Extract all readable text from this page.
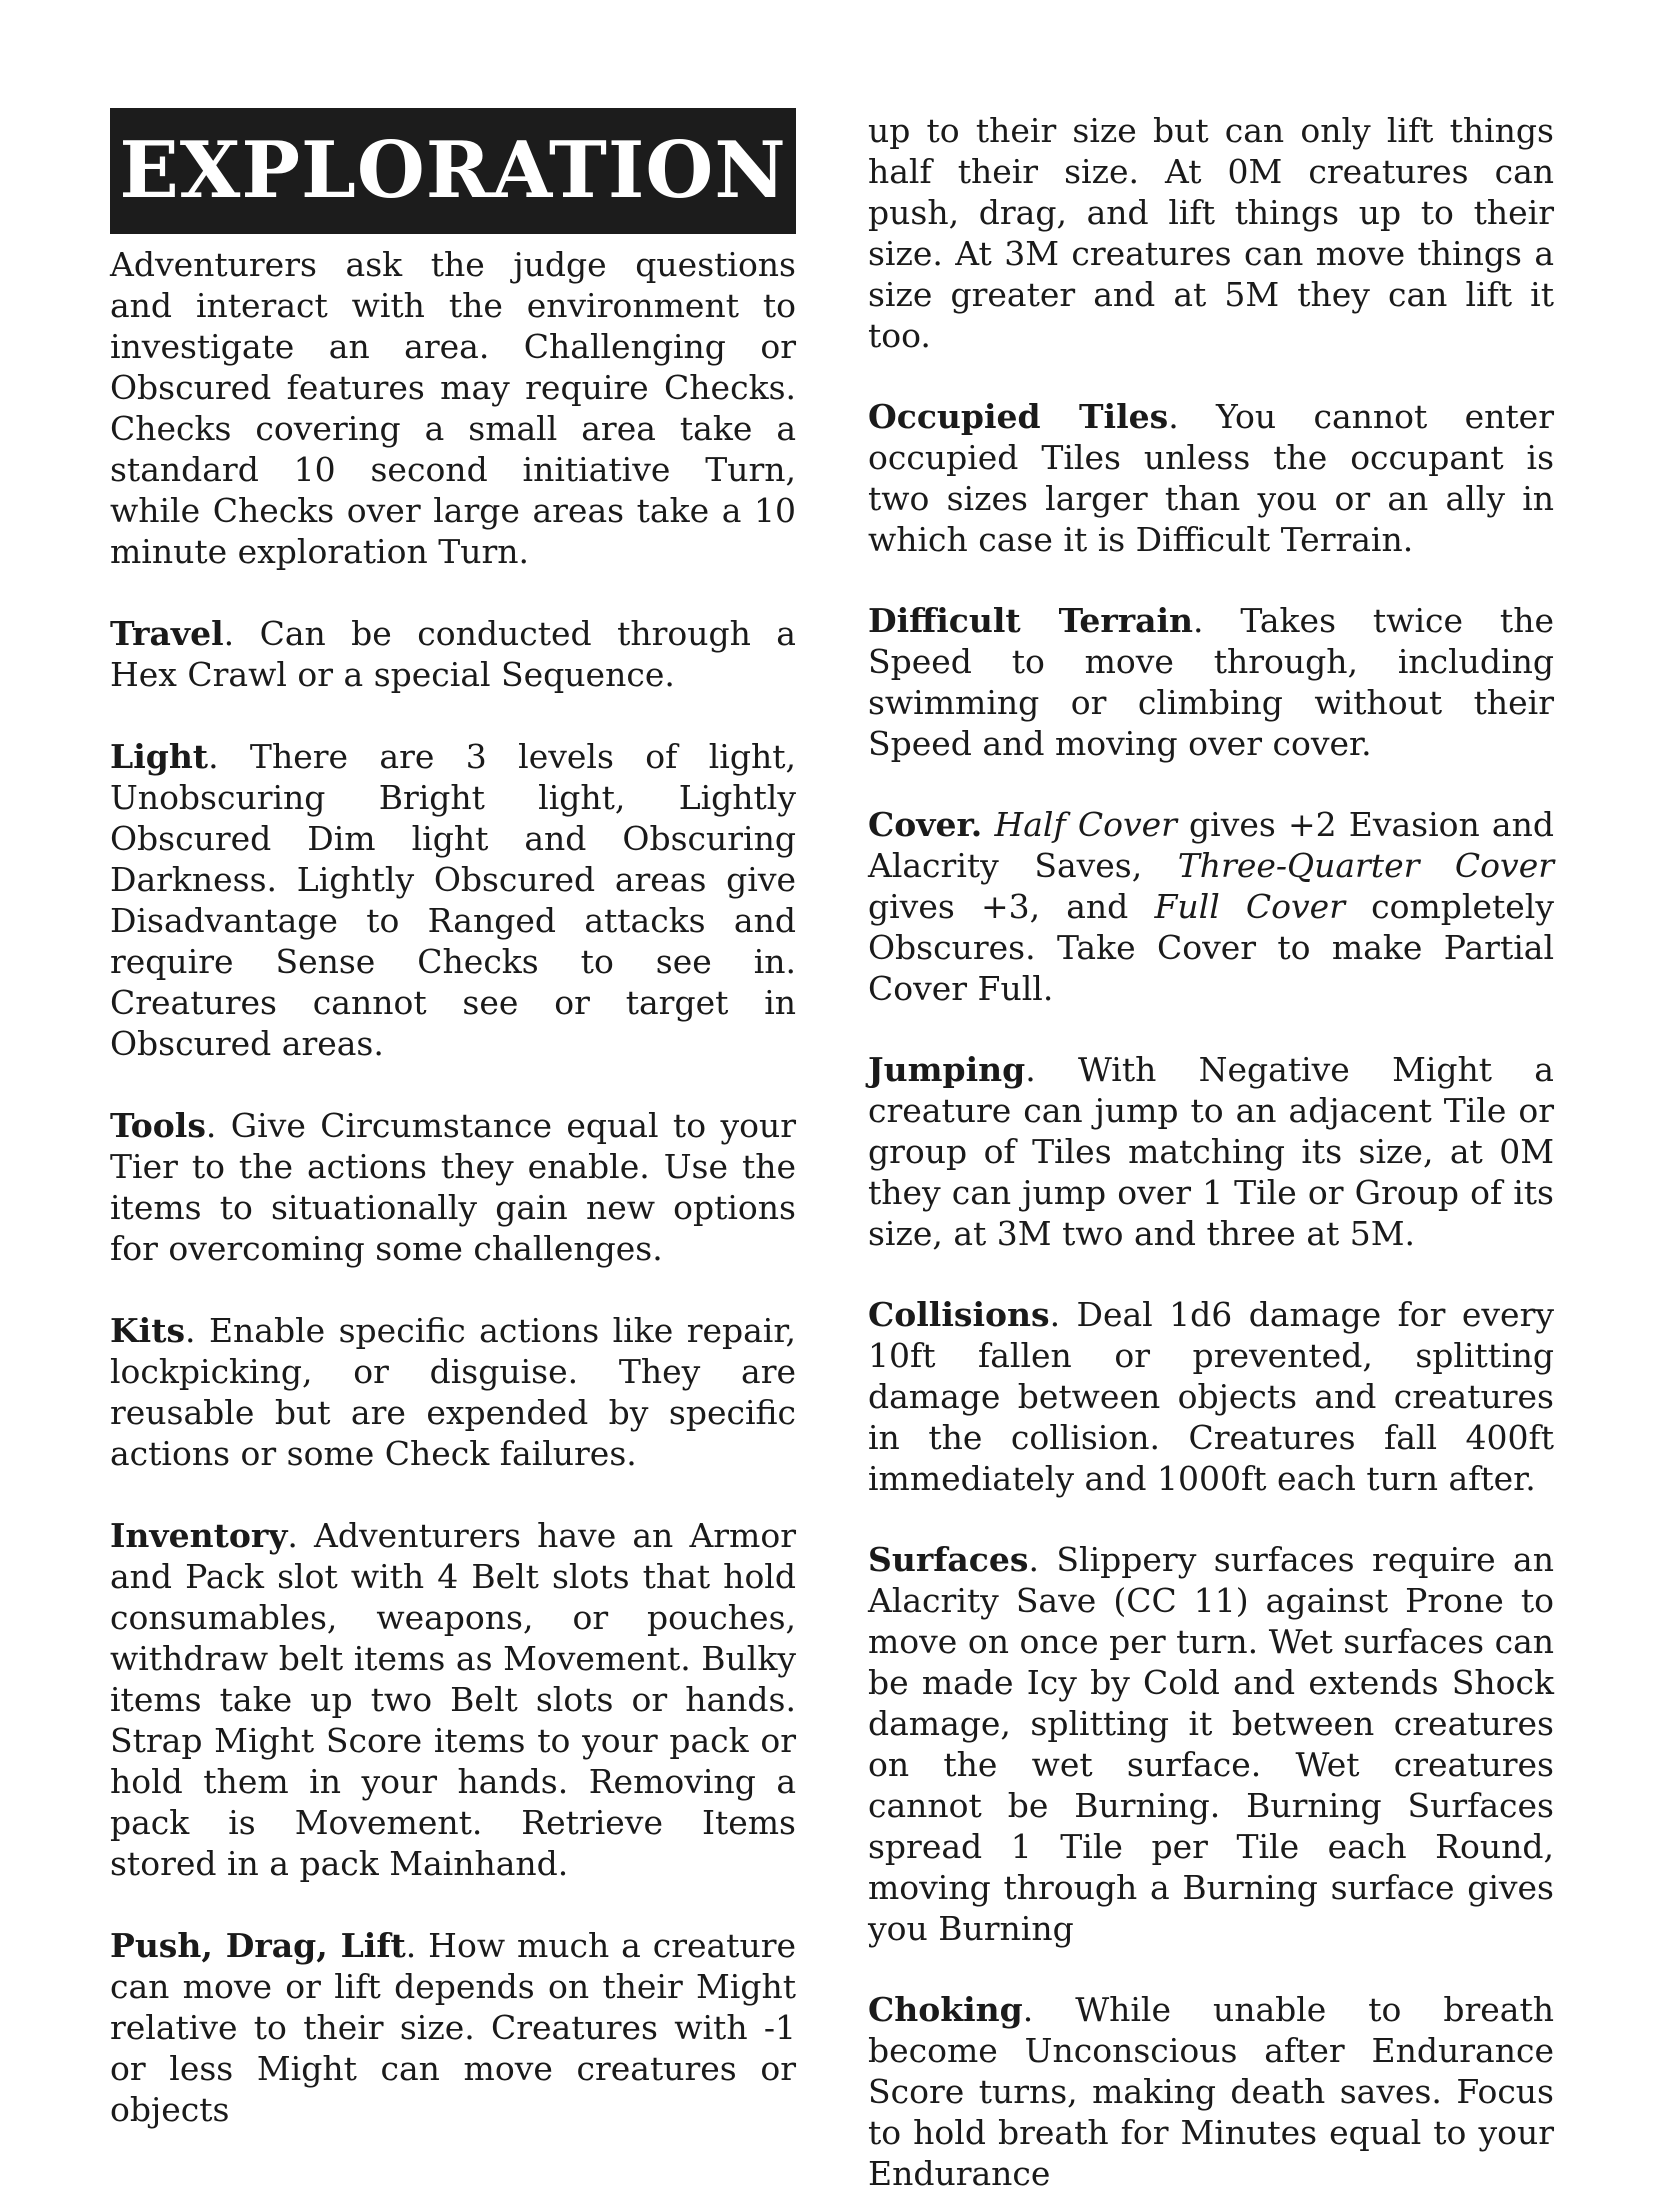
EXPLORATION

Adventurers ask the judge questions and interact with the environment to investigate an area. Challenging or Obscured features may require Checks. Checks covering a small area take a standard 10 second initiative Turn, while Checks over large areas take a 10 minute exploration Turn.

Travel. Can be conducted through a Hex Crawl or a special Sequence.

Light. There are 3 levels of light, Unobscuring Bright light, Lightly Obscured Dim light and Obscuring Darkness. Lightly Obscured areas give Disadvantage to Ranged attacks and require Sense Checks to see in. Creatures cannot see or target in Obscured areas.

Tools. Give Circumstance equal to your Tier to the actions they enable. Use the items to situationally gain new options for overcoming some challenges.

Kits. Enable specific actions like repair, lockpicking, or disguise. They are reusable but are expended by specific actions or some Check failures.

Inventory. Adventurers have an Armor and Pack slot with 4 Belt slots that hold consumables, weapons, or pouches, withdraw belt items as Movement. Bulky items take up two Belt slots or hands. Strap Might Score items to your pack or hold them in your hands. Removing a pack is Movement. Retrieve Items stored in a pack Mainhand.

Push, Drag, Lift. How much a creature can move or lift depends on their Might relative to their size. Creatures with -1 or less Might can move creatures or objects

up to their size but can only lift things half their size. At 0M creatures can push, drag, and lift things up to their size. At 3M creatures can move things a size greater and at 5M they can lift it too.

Occupied Tiles. You cannot enter occupied Tiles unless the occupant is two sizes larger than you or an ally in which case it is Difficult Terrain.

Difficult Terrain. Takes twice the Speed to move through, including swimming or climbing without their Speed and moving over cover.

Cover. Half Cover gives +2 Evasion and Alacrity Saves, Three-Quarter Cover gives +3, and Full Cover completely Obscures. Take Cover to make Partial Cover Full.

Jumping. With Negative Might a creature can jump to an adjacent Tile or group of Tiles matching its size, at 0M they can jump over 1 Tile or Group of its size, at 3M two and three at 5M.

Collisions. Deal 1d6 damage for every 10ft fallen or prevented, splitting damage between objects and creatures in the collision. Creatures fall 400ft immediately and 1000ft each turn after.

Surfaces. Slippery surfaces require an Alacrity Save (CC 11) against Prone to move on once per turn. Wet surfaces can be made Icy by Cold and extends Shock damage, splitting it between creatures on the wet surface. Wet creatures cannot be Burning. Burning Surfaces spread 1 Tile per Tile each Round, moving through a Burning surface gives you Burning

Choking. While unable to breath become Unconscious after Endurance Score turns, making death saves. Focus to hold breath for Minutes equal to your Endurance
